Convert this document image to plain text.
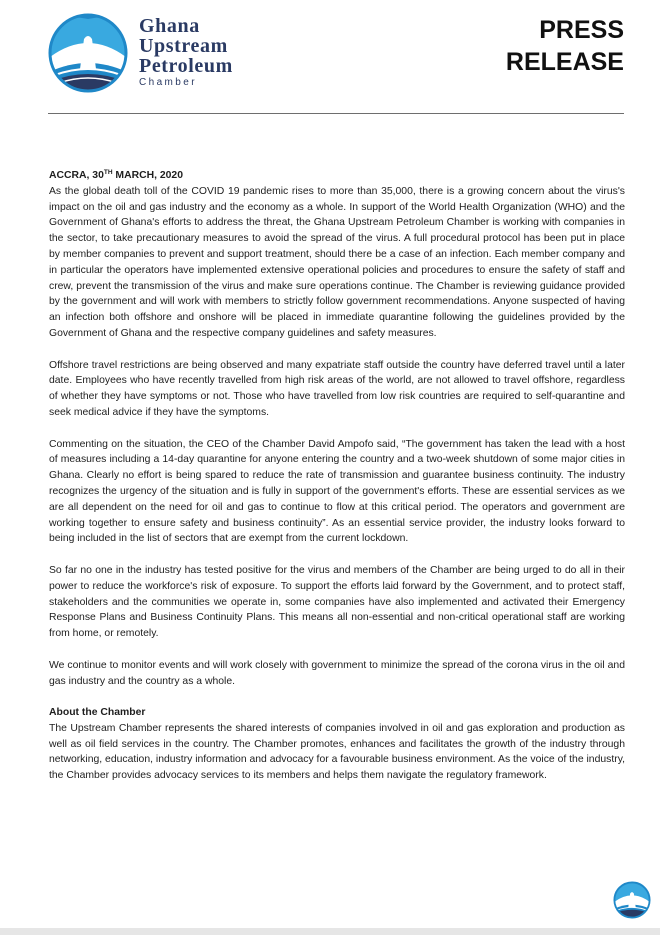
Ghana
Upstream
Petroleum
Chamber
PRESS
RELEASE
ACCRA, 30TH MARCH, 2020

As the global death toll of the COVID 19 pandemic rises to more than 35,000, there is a growing concern about the virus's impact on the oil and gas industry and the economy as a whole. In support of the World Health Organization (WHO) and the Government of Ghana's efforts to address the threat, the Ghana Upstream Petroleum Chamber is working with companies in the sector, to take precautionary measures to avoid the spread of the virus. A full procedural protocol has been put in place by member companies to prevent and support treatment, should there be a case of an infection. Each member company and in particular the operators have implemented extensive operational policies and procedures to ensure the safety of staff and crew, prevent the transmission of the virus and make sure operations continue. The Chamber is reviewing guidance provided by the government and will work with members to strictly follow government recommendations. Anyone suspected of having an infection both offshore and onshore will be placed in immediate quarantine following the guidelines provided by the Government of Ghana and the respective company guidelines and safety measures.

Offshore travel restrictions are being observed and many expatriate staff outside the country have deferred travel until a later date. Employees who have recently travelled from high risk areas of the world, are not allowed to travel offshore, regardless of whether they have symptoms or not. Those who have travelled from low risk countries are required to self-quarantine and seek medical advice if they have the symptoms.

Commenting on the situation, the CEO of the Chamber David Ampofo said, “The government has taken the lead with a host of measures including a 14-day quarantine for anyone entering the country and a two-week shutdown of some major cities in Ghana. Clearly no effort is being spared to reduce the rate of transmission and guarantee business continuity. The industry recognizes the urgency of the situation and is fully in support of the government's efforts. These are essential services as we are all dependent on the need for oil and gas to continue to flow at this critical period. The operators and government are working together to ensure safety and business continuity”. As an essential service provider, the industry looks forward to being included in the list of sectors that are exempt from the current lockdown.

So far no one in the industry has tested positive for the virus and members of the Chamber are being urged to do all in their power to reduce the workforce's risk of exposure. To support the efforts laid forward by the Government, and to protect staff, stakeholders and the communities we operate in, some companies have also implemented and activated their Emergency Response Plans and Business Continuity Plans. This means all non-essential and non-critical operational staff are working from home, or remotely.

We continue to monitor events and will work closely with government to minimize the spread of the corona virus in the oil and gas industry and the country as a whole.

About the Chamber
The Upstream Chamber represents the shared interests of companies involved in oil and gas exploration and production as well as oil field services in the country. The Chamber promotes, enhances and facilitates the growth of the industry through networking, education, industry information and advocacy for a favourable business environment. As the voice of the industry, the Chamber provides advocacy services to its members and helps them navigate the regulatory framework.
